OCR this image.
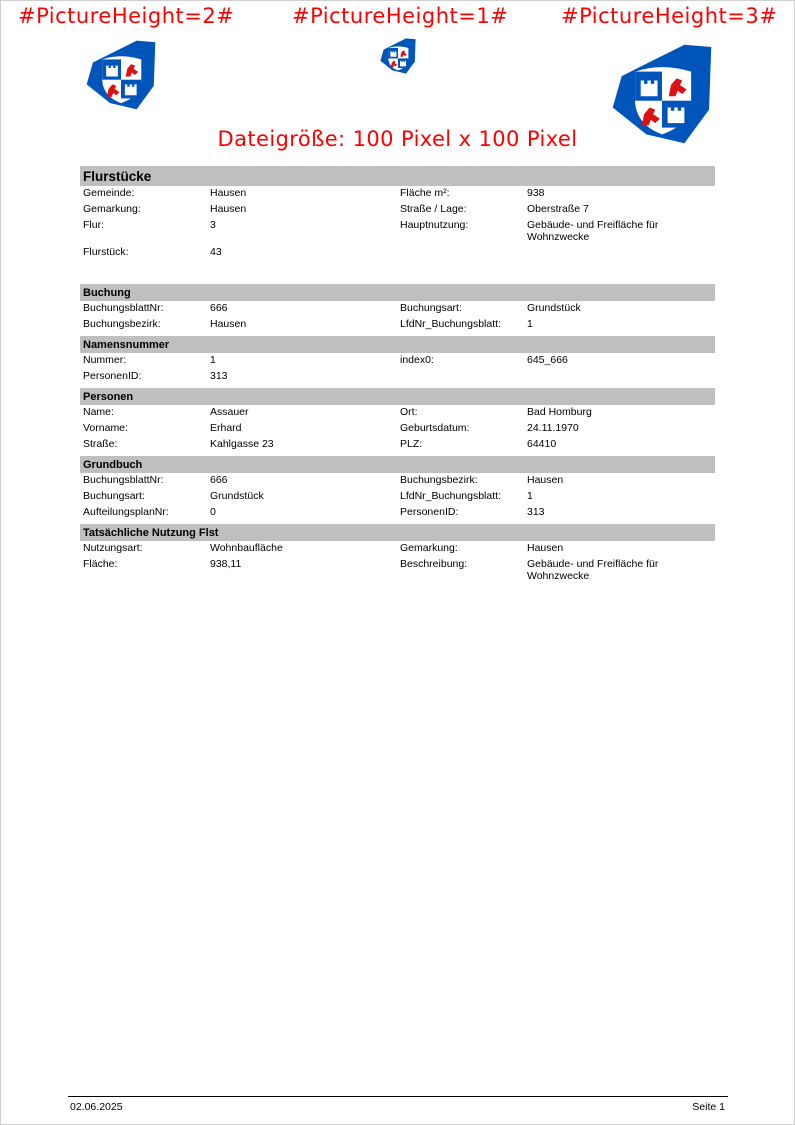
#PictureHeight=2#	#PictureHeight=1#	#PictureHeight=3#
Dateigröße: 100 Pixel x 100 Pixel
Flurstücke
Gemeinde:	Hausen	Fläche m²:	938
Gemarkung:	Hausen	Straße / Lage:	Oberstraße 7
Flur:	3	Hauptnutzung:	Gebäude- und Freifläche für Wohnzwecke
Flurstück:	43
Buchung
BuchungsblattNr:	666	Buchungsart:	Grundstück
Buchungsbezirk:	Hausen	LfdNr_Buchungsblatt: 1
Namensnummer
Nummer:	1	index0:	645_666
PersonenID:	313
Personen
Name:	Assauer	Ort:	Bad Homburg
Vorname:	Erhard	Geburtsdatum:	24.11.1970
Straße:	Kahlgasse 23	PLZ:	64410
Grundbuch
BuchungsblattNr:	666	Buchungsbezirk:	Hausen
Buchungsart:	Grundstück	LfdNr_Buchungsblatt: 1
AufteilungsplanNr:	0	PersonenID:	313
Tatsächliche Nutzung Flst
Nutzungsart:	Wohnbaufläche	Gemarkung:	Hausen
Fläche:	938,11	Beschreibung:	Gebäude- und Freifläche für Wohnzwecke
02.06.2025	Seite 1
